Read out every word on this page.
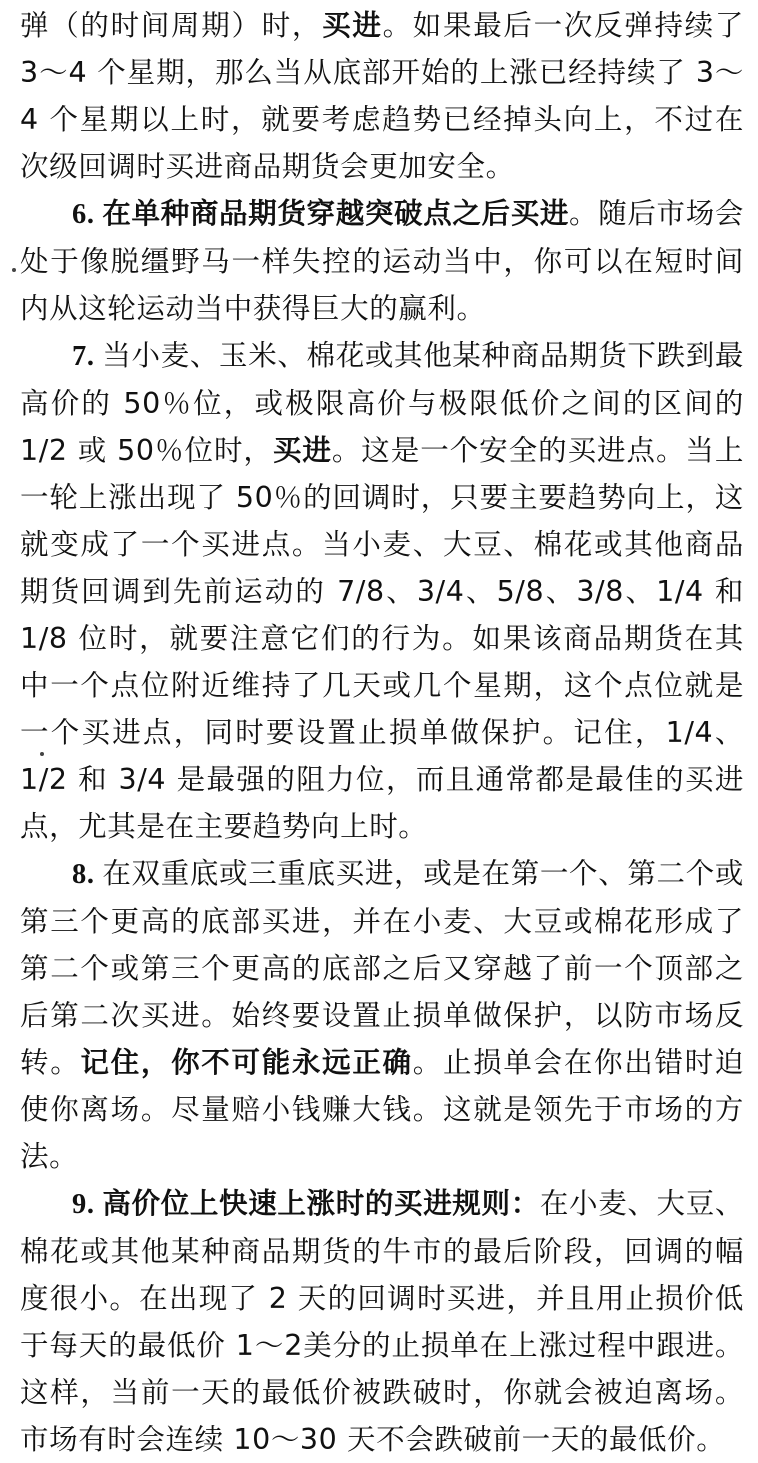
弹（的时间周期）时，买进。如果最后一次反弹持续了 3～4 个星期，那么当从底部开始的上涨已经持续了 3～4 个星期以上时，就要考虑趋势已经掉头向上，不过在次级回调时买进商品期货会更加安全。

6. 在单种商品期货穿越突破点之后买进。随后市场会处于像脱缰野马一样失控的运动当中，你可以在短时间内从这轮运动当中获得巨大的赢利。

7. 当小麦、玉米、棉花或其他某种商品期货下跌到最高价的 50％位，或极限高价与极限低价之间的区间的 1/2 或 50％位时，买进。这是一个安全的买进点。当上一轮上涨出现了 50％的回调时，只要主要趋势向上，这就变成了一个买进点。当小麦、大豆、棉花或其他商品期货回调到先前运动的 7/8、3/4、5/8、3/8、1/4 和 1/8 位时，就要注意它们的行为。如果该商品期货在其中一个点位附近维持了几天或几个星期，这个点位就是一个买进点，同时要设置止损单做保护。记住，1/4、1/2 和 3/4 是最强的阻力位，而且通常都是最佳的买进点，尤其是在主要趋势向上时。

8. 在双重底或三重底买进，或是在第一个、第二个或第三个更高的底部买进，并在小麦、大豆或棉花形成了第二个或第三个更高的底部之后又穿越了前一个顶部之后第二次买进。始终要设置止损单做保护，以防市场反转。记住，你不可能永远正确。止损单会在你出错时迫使你离场。尽量赔小钱赚大钱。这就是领先于市场的方法。

9. 高价位上快速上涨时的买进规则：在小麦、大豆、棉花或其他某种商品期货的牛市的最后阶段，回调的幅度很小。在出现了 2 天的回调时买进，并且用止损价低于每天的最低价 1～2美分的止损单在上涨过程中跟进。这样，当前一天的最低价被跌破时，你就会被迫离场。市场有时会连续 10～30 天不会跌破前一天的最低价。
